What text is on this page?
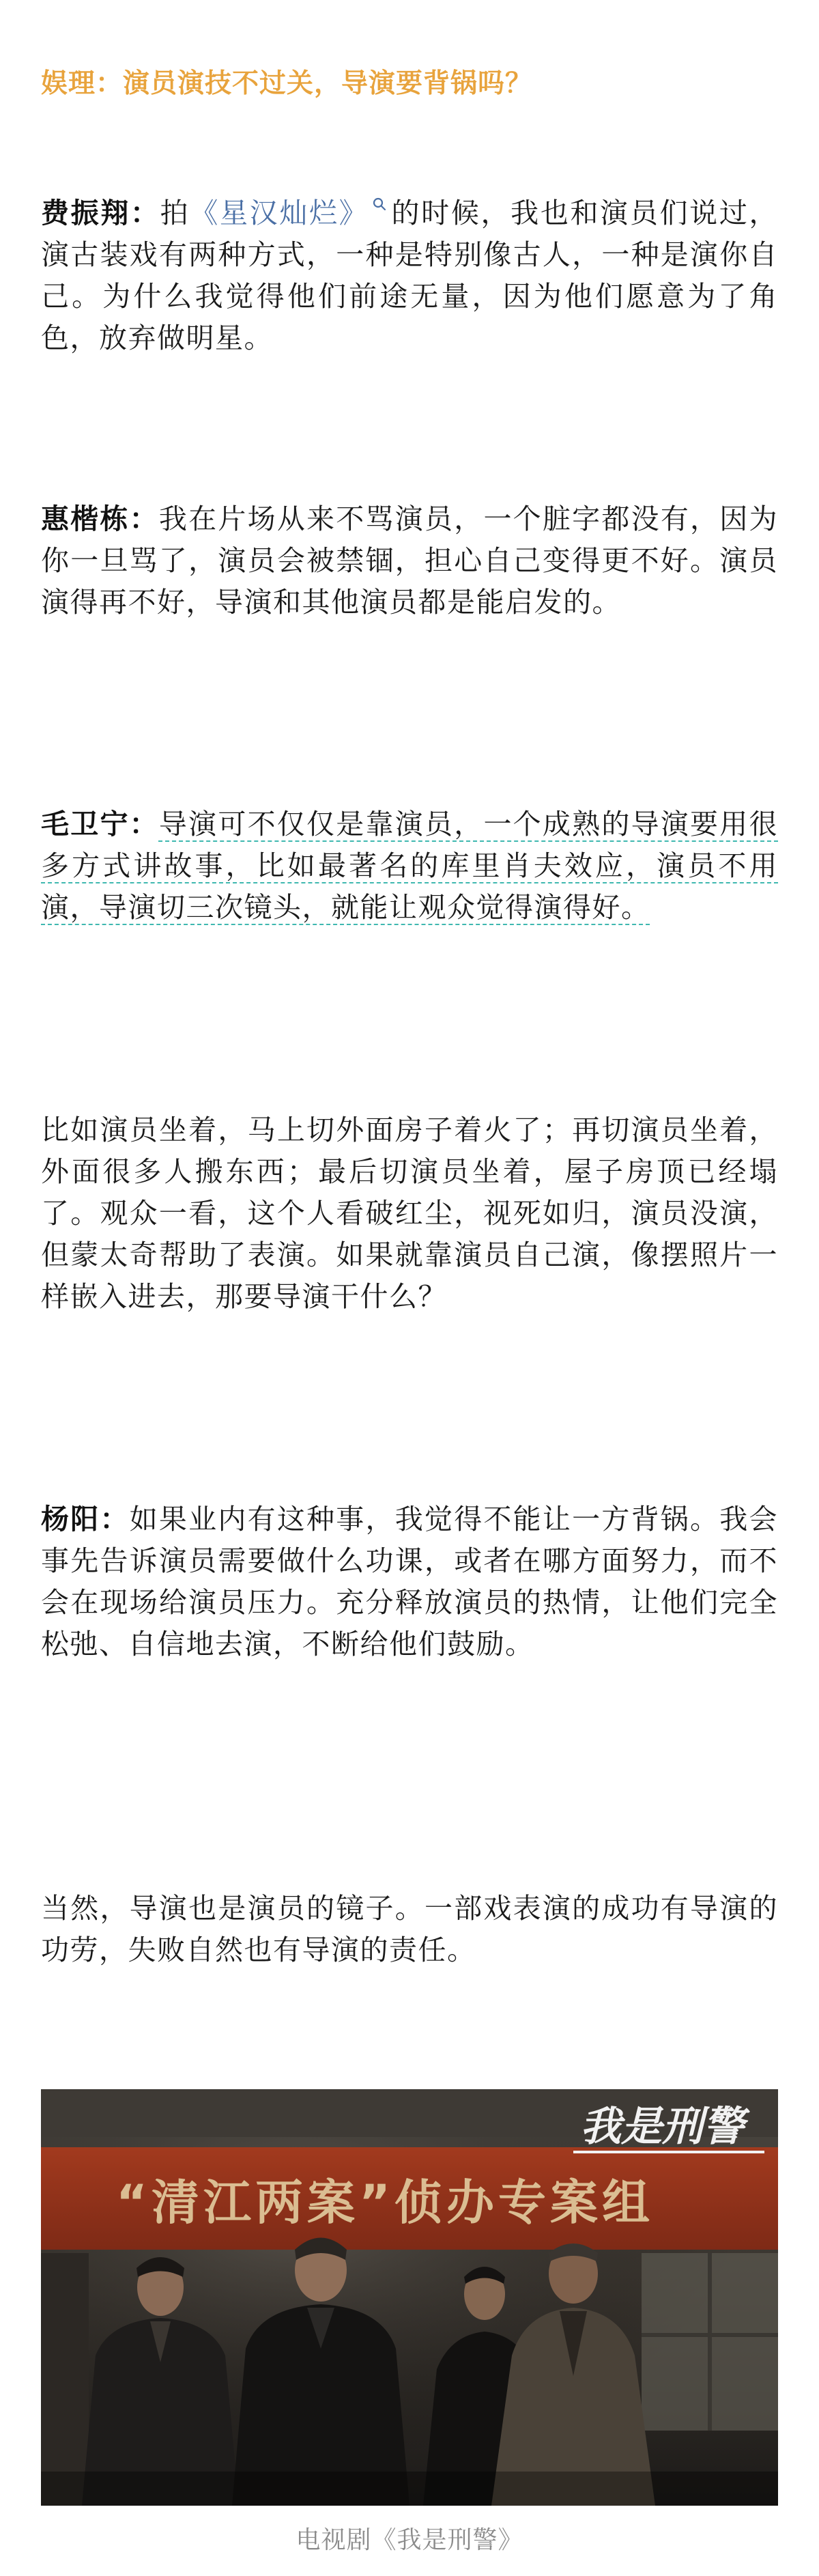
娱理：演员演技不过关，导演要背锅吗？

费振翔：拍《星汉灿烂》 的时候，我也和演员们说过，演古装戏有两种方式，一种是特别像古人，一种是演你自己。为什么我觉得他们前途无量，因为他们愿意为了角色，放弃做明星。

惠楷栋：我在片场从来不骂演员，一个脏字都没有，因为你一旦骂了，演员会被禁锢，担心自己变得更不好。演员演得再不好，导演和其他演员都是能启发的。

毛卫宁：导演可不仅仅是靠演员，一个成熟的导演要用很多方式讲故事，比如最著名的库里肖夫效应，演员不用演，导演切三次镜头，就能让观众觉得演得好。

比如演员坐着，马上切外面房子着火了；再切演员坐着，外面很多人搬东西；最后切演员坐着，屋子房顶已经塌了。观众一看，这个人看破红尘，视死如归，演员没演，但蒙太奇帮助了表演。如果就靠演员自己演，像摆照片一样嵌入进去，那要导演干什么？

杨阳：如果业内有这种事，我觉得不能让一方背锅。我会事先告诉演员需要做什么功课，或者在哪方面努力，而不会在现场给演员压力。充分释放演员的热情，让他们完全松弛、自信地去演，不断给他们鼓励。

当然，导演也是演员的镜子。一部戏表演的成功有导演的功劳，失败自然也有导演的责任。

“清江两案”侦办专案组
我是刑警

电视剧《我是刑警》
